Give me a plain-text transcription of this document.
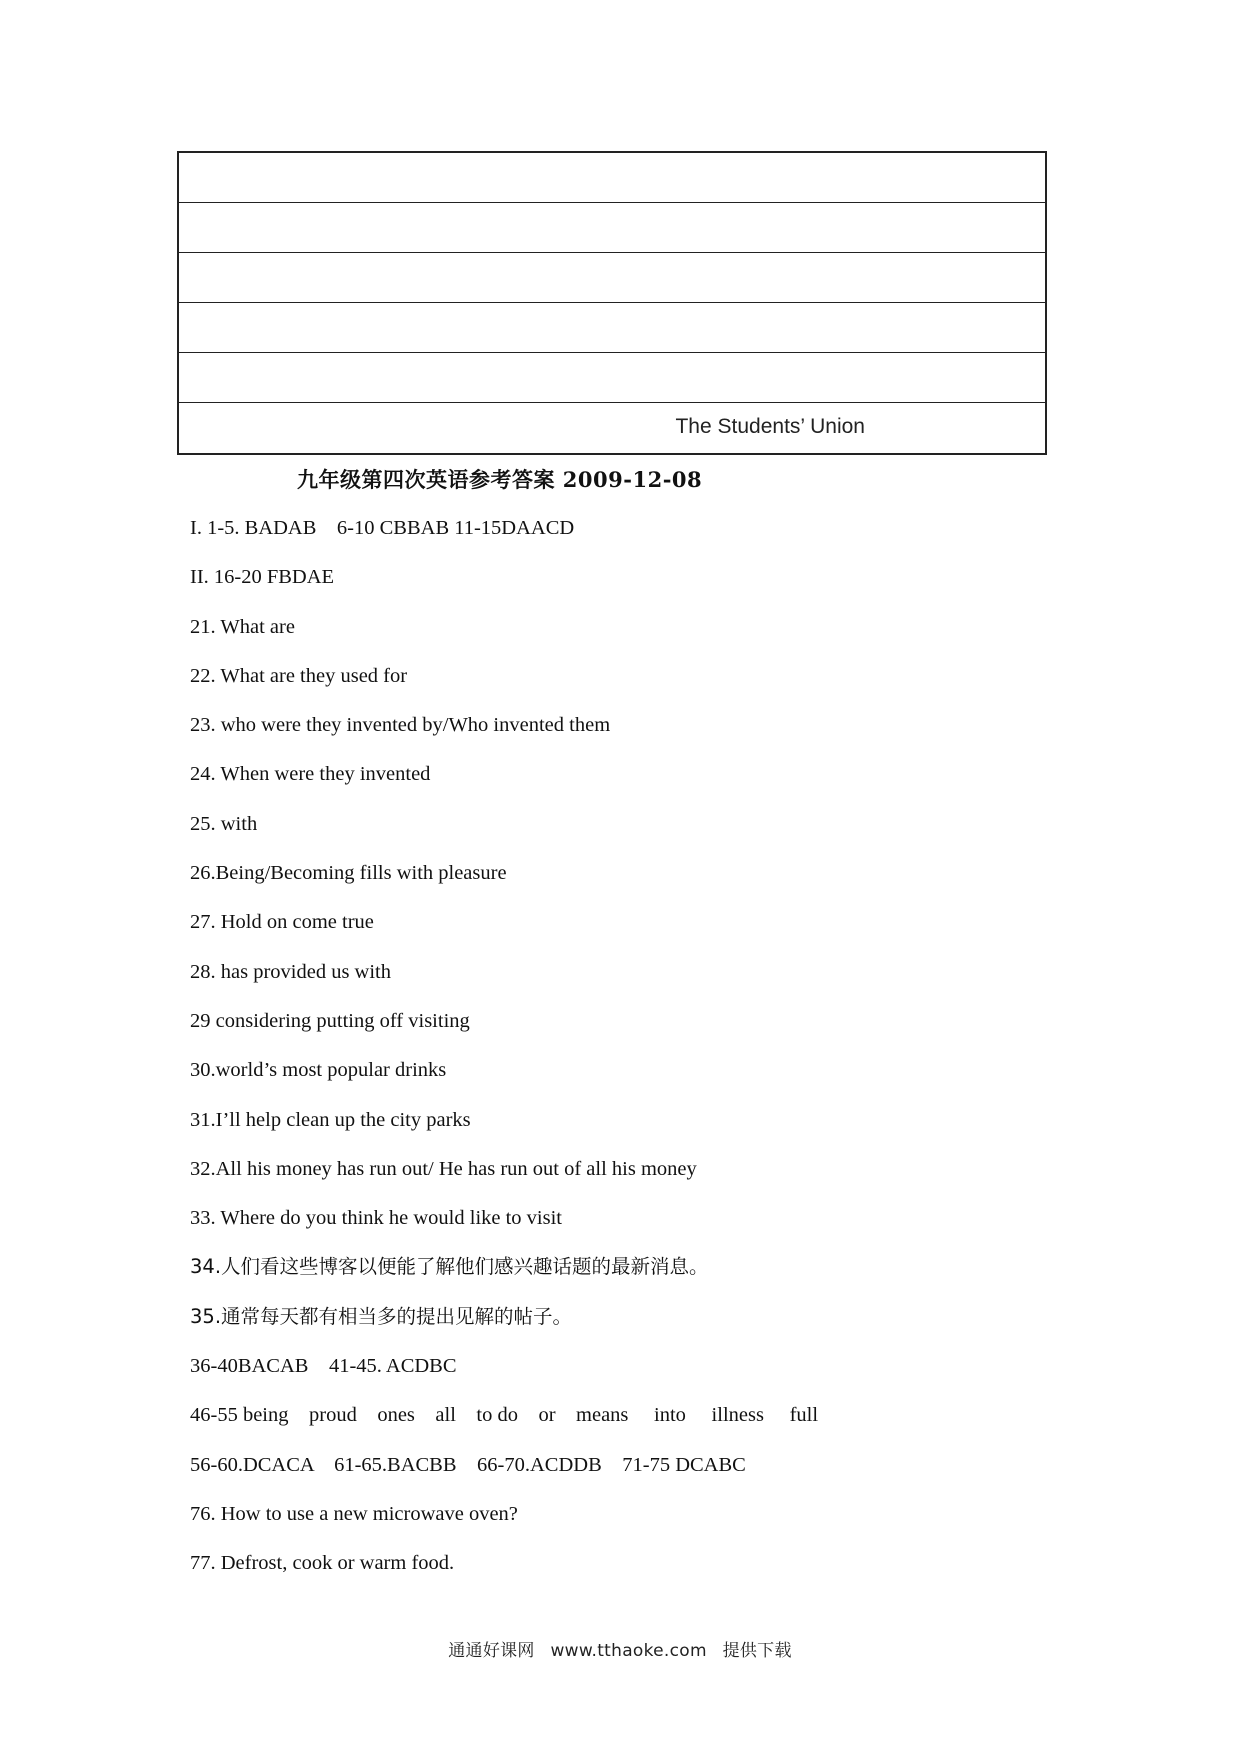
The Students’ Union
九年级第四次英语参考答案 2009-12-08
I. 1-5. BADAB    6-10 CBBAB 11-15DAACD
II. 16-20 FBDAE
21. What are
22. What are they used for
23. who were they invented by/Who invented them
24. When were they invented
25. with
26.Being/Becoming fills with pleasure
27. Hold on come true
28. has provided us with
29 considering putting off visiting
30.world’s most popular drinks
31.I’ll help clean up the city parks
32.All his money has run out/ He has run out of all his money
33. Where do you think he would like to visit
34.人们看这些博客以便能了解他们感兴趣话题的最新消息。
35.通常每天都有相当多的提出见解的帖子。
36-40BACAB    41-45. ACDBC
46-55 being    proud    ones    all    to do    or    means     into     illness     full
56-60.DCACA    61-65.BACBB    66-70.ACDDB    71-75 DCABC
76. How to use a new microwave oven?
77. Defrost, cook or warm food.
通通好课网 www.tthaoke.com 提供下载
